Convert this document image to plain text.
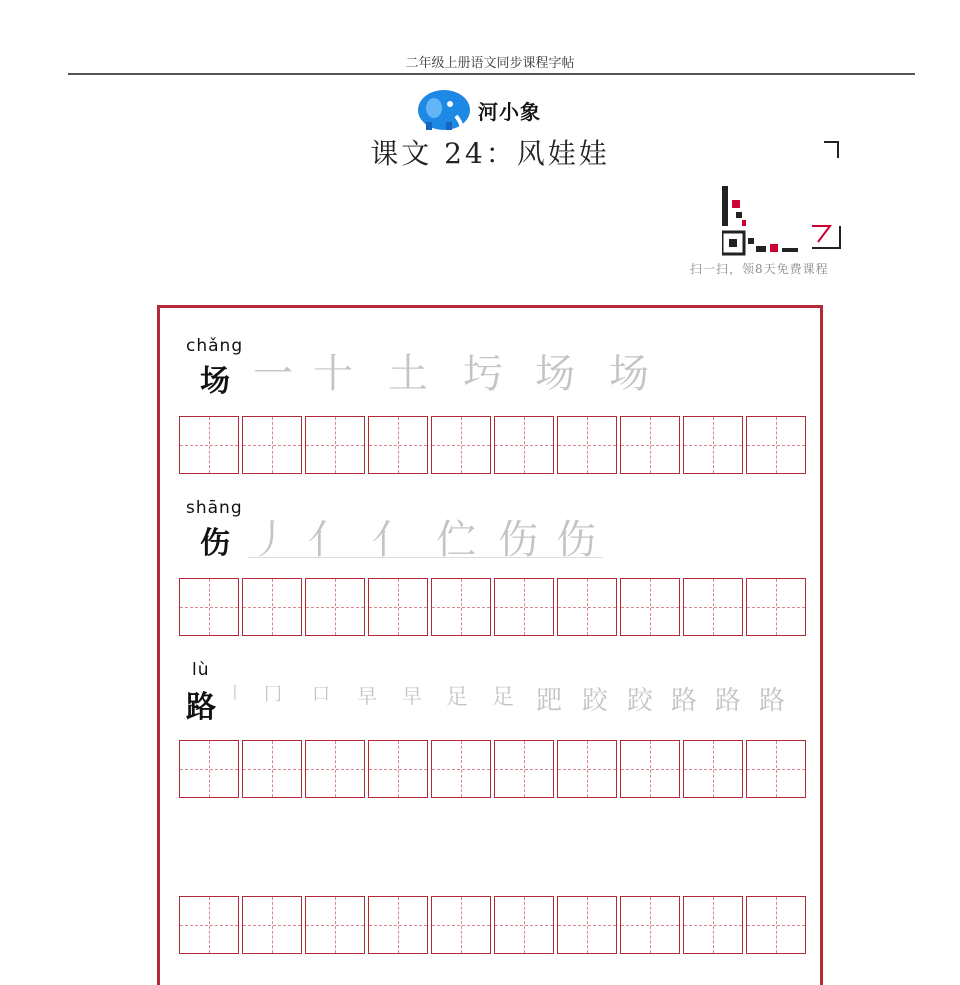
二年级上册语文同步课程字帖
河小象
课文 24：风娃娃
扫一扫，领8天免费课程
chǎng
场 一 十 土 圬 场 场
shāng
伤 丿 亻 亻 伫 伤 伤
lù
路 丨	冂	口	早	早	足	足 跁 跤 跤 路 路 路
